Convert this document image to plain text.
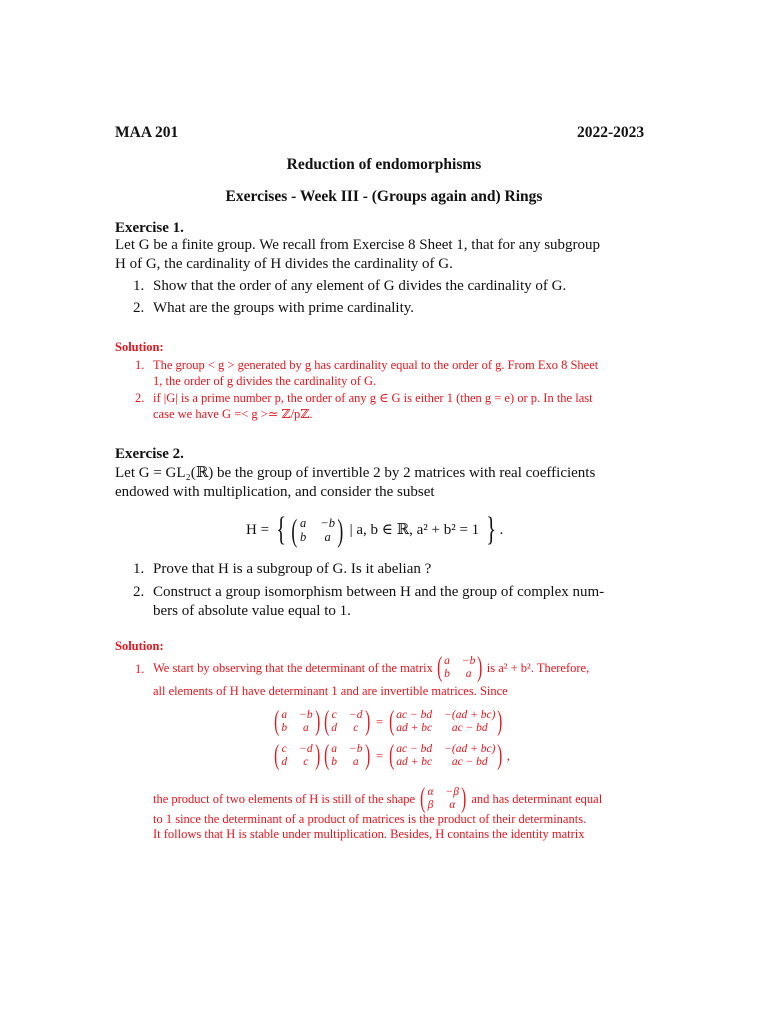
MAA 201	2022-2023
Reduction of endomorphisms
Exercises - Week III - (Groups again and) Rings
Exercise 1.
Let G be a finite group. We recall from Exercise 8 Sheet 1, that for any subgroup
H of G, the cardinality of H divides the cardinality of G.
1. Show that the order of any element of G divides the cardinality of G.
2. What are the groups with prime cardinality.
Solution:
1. The group < g > generated by g has cardinality equal to the order of g. From Exo 8 Sheet
1, the order of g divides the cardinality of G.
2. if |G| is a prime number p, the order of any g ∈ G is either 1 (then g = e) or p. In the last
case we have G =< g >≃ ℤ/pℤ.
Exercise 2.
Let G = GL₂(ℝ) be the group of invertible 2 by 2 matrices with real coefficients
endowed with multiplication, and consider the subset
H = { ( a −b
b	a ) | a, b ∈ ℝ, a² + b² = 1 } .
1. Prove that H is a subgroup of G. Is it abelian ?
2. Construct a group isomorphism between H and the group of complex num-
bers of absolute value equal to 1.
Solution:
1. We start by observing that the determinant of the matrix ( a −b
b	a ) is a² + b². Therefore,
all elements of H have determinant 1 and are invertible matrices. Since
( a −b
b	a ) ( c −d
d	c ) = ( ac − bd −(ad + bc)
ad + bc	ac − bd )
( c −d
d	c ) ( a −b
b	a ) = ( ac − bd −(ad + bc)
ad + bc	ac − bd ) ,
the product of two elements of H is still of the shape ( α −β
β	α ) and has determinant equal
to 1 since the determinant of a product of matrices is the product of their determinants.
It follows that H is stable under multiplication. Besides, H contains the identity matrix
